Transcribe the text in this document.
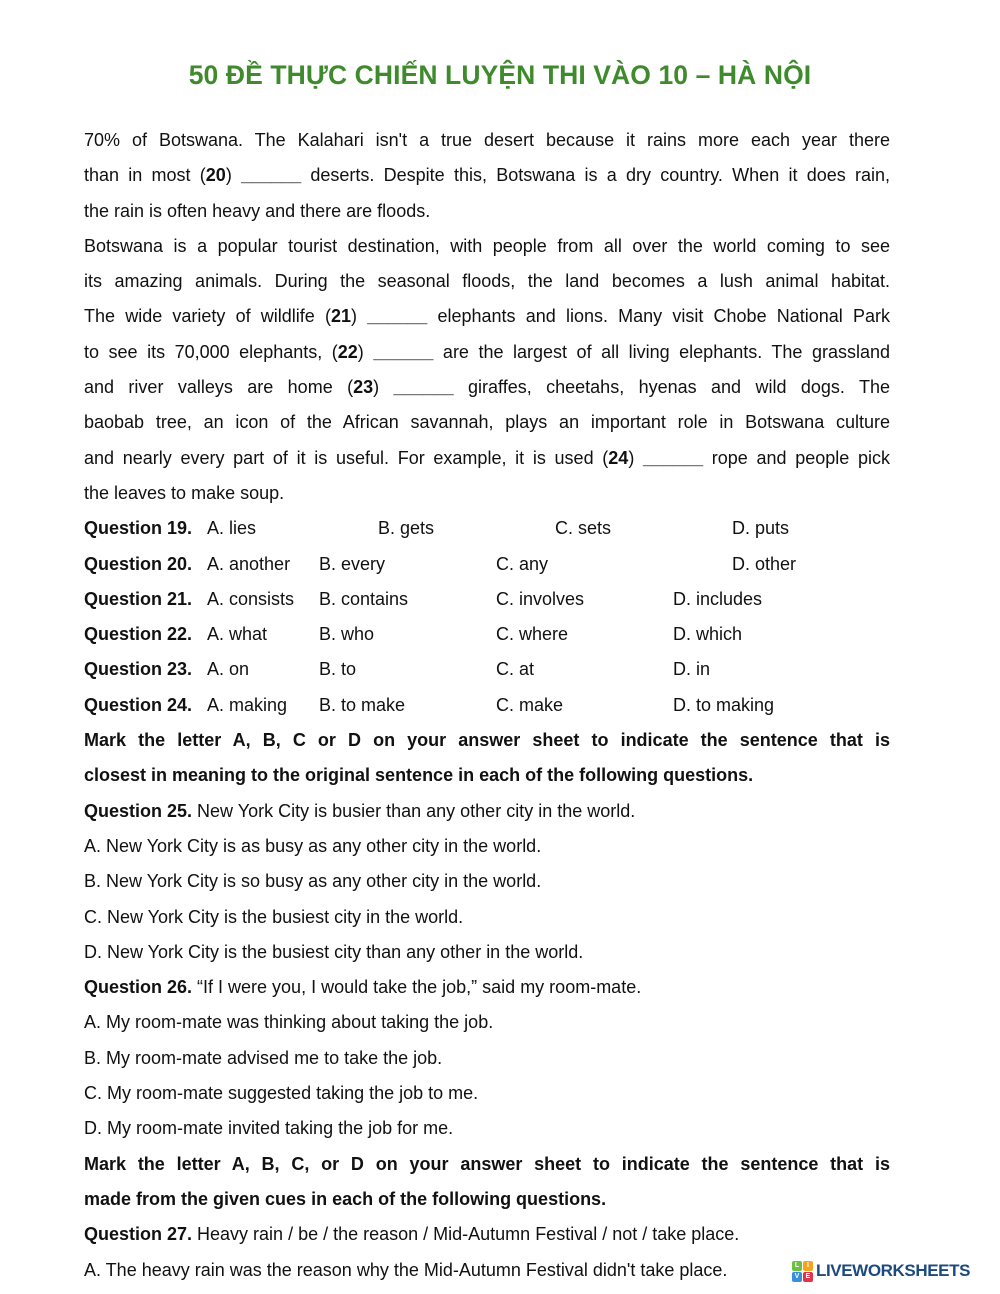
50 ĐỀ THỰC CHIẾN LUYỆN THI VÀO 10 – HÀ NỘI
70% of Botswana. The Kalahari isn't a true desert because it rains more each year there
than in most (20) ______ deserts. Despite this, Botswana is a dry country. When it does rain,
the rain is often heavy and there are floods.
Botswana is a popular tourist destination, with people from all over the world coming to see
its amazing animals. During the seasonal floods, the land becomes a lush animal habitat.
The wide variety of wildlife (21) ______ elephants and lions. Many visit Chobe National Park
to see its 70,000 elephants, (22) ______ are the largest of all living elephants. The grassland
and river valleys are home (23) ______ giraffes, cheetahs, hyenas and wild dogs. The
baobab tree, an icon of the African savannah, plays an important role in Botswana culture
and nearly every part of it is useful. For example, it is used (24) ______ rope and people pick
the leaves to make soup.
Question 19. A. lies	B. gets	C. sets	D. puts
Question 20. A. another B. every	C. any	D. other
Question 21. A. consists B. contains	C. involves	D. includes
Question 22. A. what	B. who	C. where	D. which
Question 23. A. on	B. to	C. at	D. in
Question 24. A. making B. to make	C. make	D. to making
Mark the letter A, B, C or D on your answer sheet to indicate the sentence that is
closest in meaning to the original sentence in each of the following questions.
Question 25. New York City is busier than any other city in the world.
A. New York City is as busy as any other city in the world.
B. New York City is so busy as any other city in the world.
C. New York City is the busiest city in the world.
D. New York City is the busiest city than any other in the world.
Question 26. “If I were you, I would take the job,” said my room-mate.
A. My room-mate was thinking about taking the job.
B. My room-mate advised me to take the job.
C. My room-mate suggested taking the job to me.
D. My room-mate invited taking the job for me.
Mark the letter A, B, C, or D on your answer sheet to indicate the sentence that is
made from the given cues in each of the following questions.
Question 27. Heavy rain / be / the reason / Mid-Autumn Festival / not / take place.
A. The heavy rain was the reason why the Mid-Autumn Festival didn't take place.	L	I
V E LIVEWORKSHEETS
